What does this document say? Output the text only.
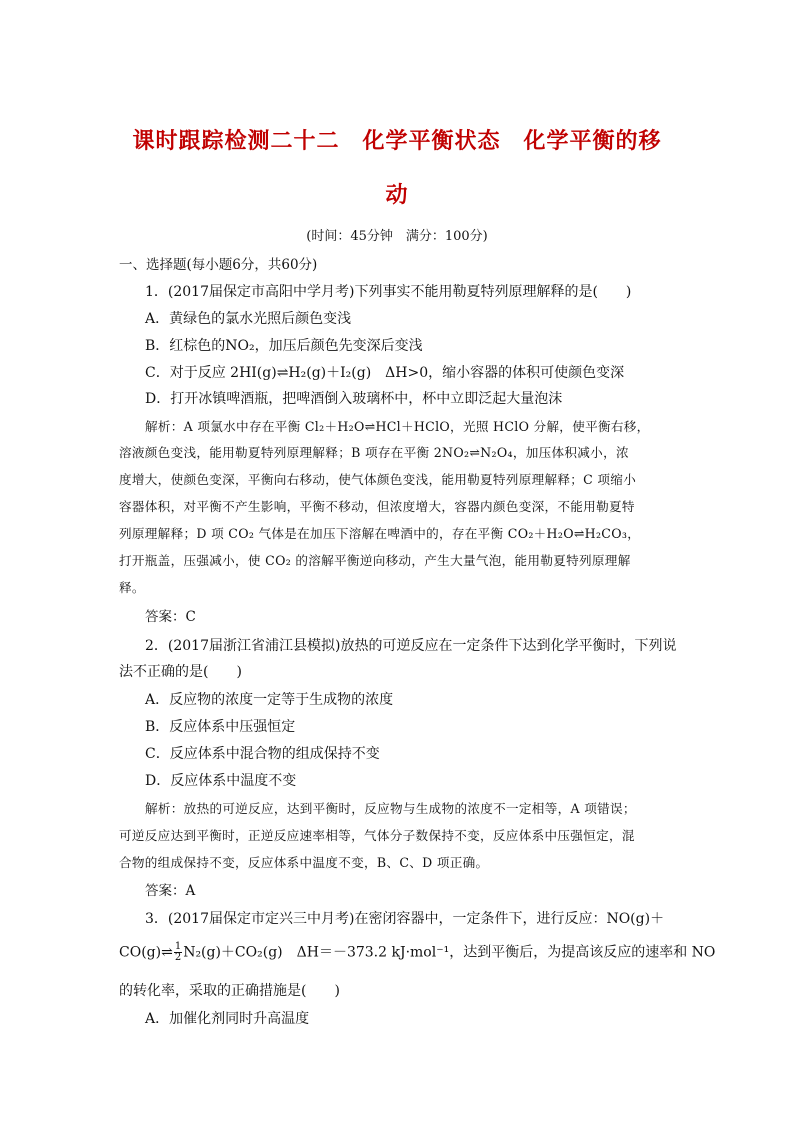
课时跟踪检测二十二　化学平衡状态　化学平衡的移
动
(时间：45分钟　满分：100分)
一、选择题(每小题6分，共60分)
1．(2017届保定市高阳中学月考)下列事实不能用勒夏特列原理解释的是(　　)
A．黄绿色的氯水光照后颜色变浅
B．红棕色的NO₂，加压后颜色先变深后变浅
C．对于反应 2HI(g)⇌H₂(g)＋I₂(g)　ΔH>0，缩小容器的体积可使颜色变深
D．打开冰镇啤酒瓶，把啤酒倒入玻璃杯中，杯中立即泛起大量泡沫
解析：A 项氯水中存在平衡 Cl₂＋H₂O⇌HCl＋HClO，光照 HClO 分解，使平衡右移，
溶液颜色变浅，能用勒夏特列原理解释；B 项存在平衡 2NO₂⇌N₂O₄，加压体积减小，浓
度增大，使颜色变深，平衡向右移动，使气体颜色变浅，能用勒夏特列原理解释；C 项缩小
容器体积，对平衡不产生影响，平衡不移动，但浓度增大，容器内颜色变深，不能用勒夏特
列原理解释；D 项 CO₂ 气体是在加压下溶解在啤酒中的，存在平衡 CO₂＋H₂O⇌H₂CO₃，
打开瓶盖，压强减小，使 CO₂ 的溶解平衡逆向移动，产生大量气泡，能用勒夏特列原理解
释。
答案：C
2．(2017届浙江省浦江县模拟)放热的可逆反应在一定条件下达到化学平衡时，下列说
法不正确的是(　　)
A．反应物的浓度一定等于生成物的浓度
B．反应体系中压强恒定
C．反应体系中混合物的组成保持不变
D．反应体系中温度不变
解析：放热的可逆反应，达到平衡时，反应物与生成物的浓度不一定相等，A 项错误；
可逆反应达到平衡时，正逆反应速率相等，气体分子数保持不变，反应体系中压强恒定，混
合物的组成保持不变，反应体系中温度不变，B、C、D 项正确。
答案：A
3．(2017届保定市定兴三中月考)在密闭容器中，一定条件下，进行反应：NO(g)＋
CO(g)⇌ $\frac{1}{2} N_2(g)+CO_2(g)$　ΔH＝－373.2 kJ·mol⁻¹，达到平衡后，为提高该反应的速率和 NO
的转化率，采取的正确措施是(　　)
A．加催化剂同时升高温度
